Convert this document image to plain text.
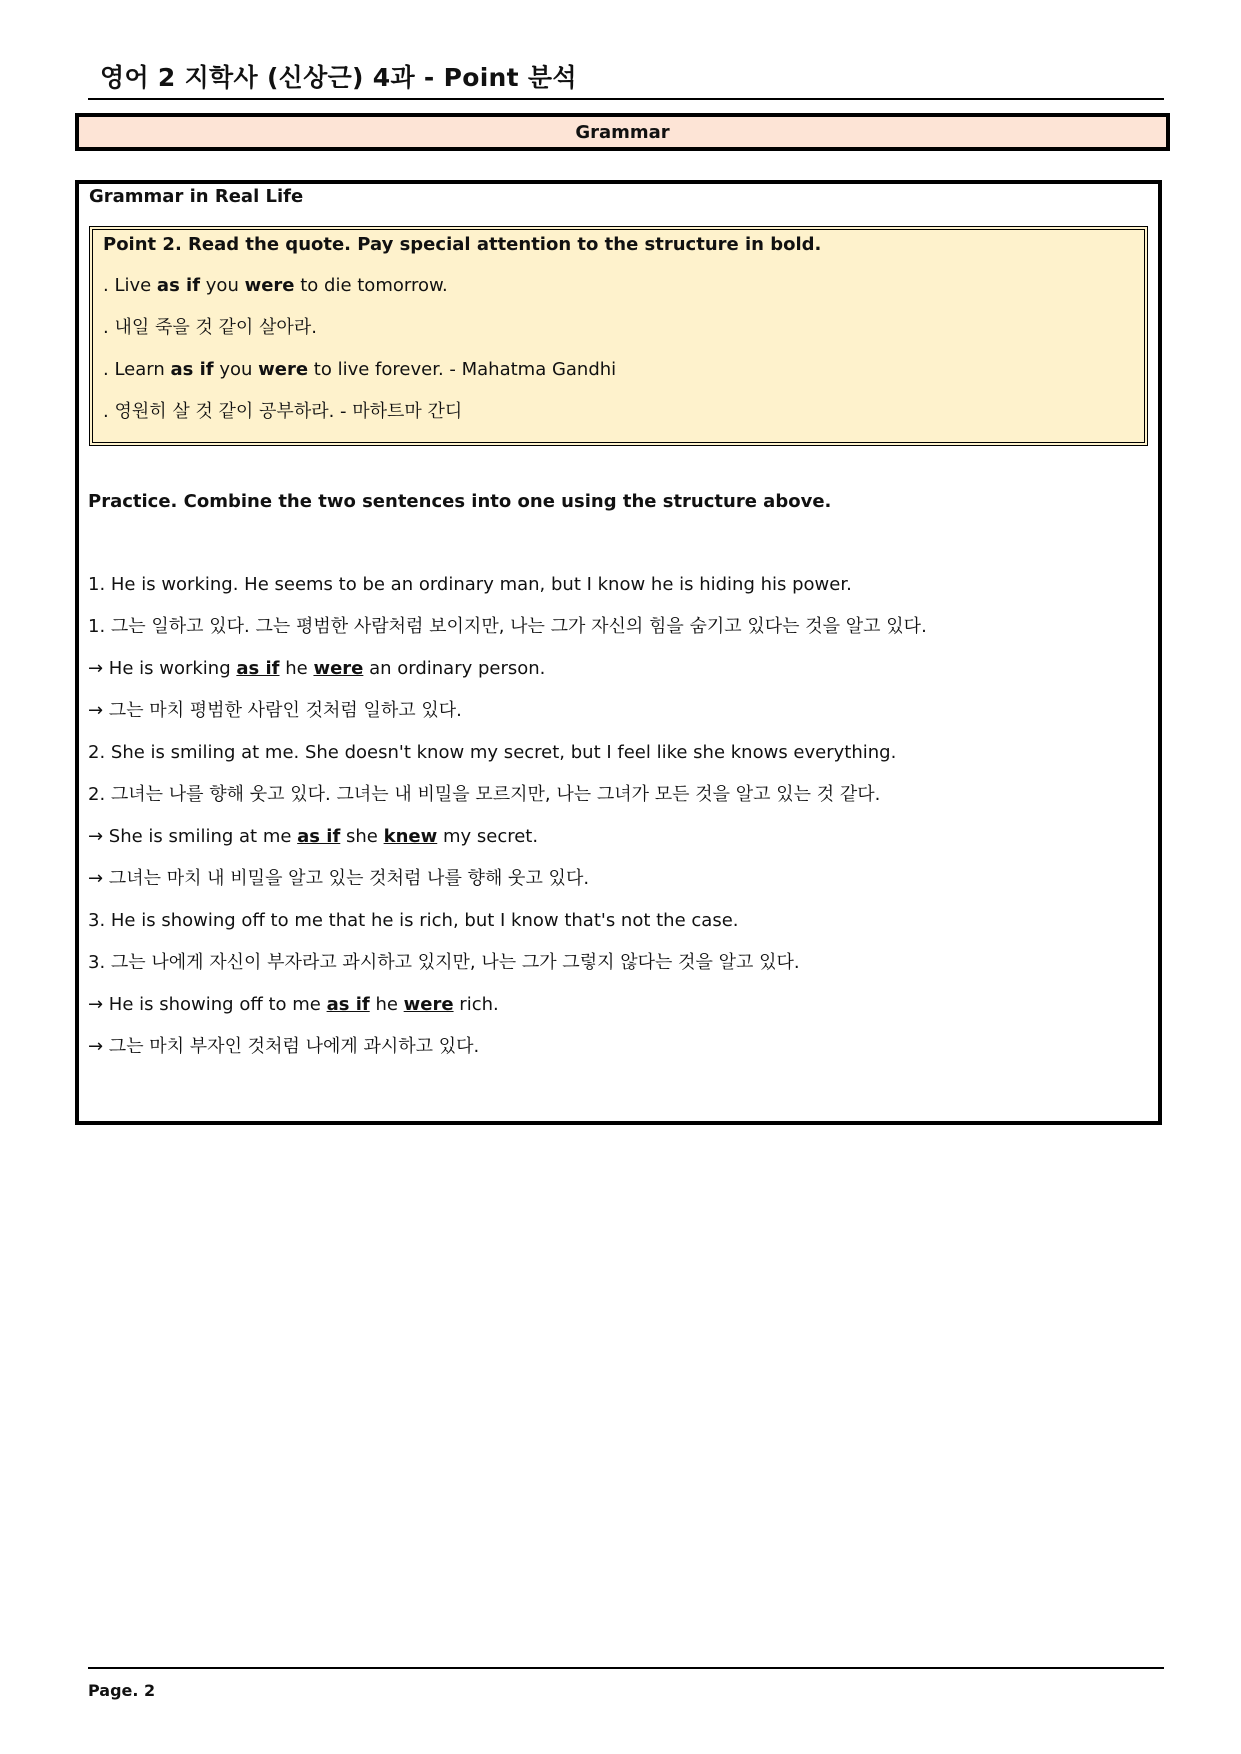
영어 2 지학사 (신상근) 4과 - Point 분석
Grammar
Grammar in Real Life
Point 2. Read the quote. Pay special attention to the structure in bold.
. Live as if you were to die tomorrow.
. 내일 죽을 것 같이 살아라.
. Learn as if you were to live forever. - Mahatma Gandhi
. 영원히 살 것 같이 공부하라. - 마하트마 간디
Practice. Combine the two sentences into one using the structure above.
1. He is working. He seems to be an ordinary man, but I know he is hiding his power.
1. 그는 일하고 있다. 그는 평범한 사람처럼 보이지만, 나는 그가 자신의 힘을 숨기고 있다는 것을 알고 있다.
→ He is working as if he were an ordinary person.
→ 그는 마치 평범한 사람인 것처럼 일하고 있다.
2. She is smiling at me. She doesn't know my secret, but I feel like she knows everything.
2. 그녀는 나를 향해 웃고 있다. 그녀는 내 비밀을 모르지만, 나는 그녀가 모든 것을 알고 있는 것 같다.
→ She is smiling at me as if she knew my secret.
→ 그녀는 마치 내 비밀을 알고 있는 것처럼 나를 향해 웃고 있다.
3. He is showing off to me that he is rich, but I know that's not the case.
3. 그는 나에게 자신이 부자라고 과시하고 있지만, 나는 그가 그렇지 않다는 것을 알고 있다.
→ He is showing off to me as if he were rich.
→ 그는 마치 부자인 것처럼 나에게 과시하고 있다.
Page. 2
